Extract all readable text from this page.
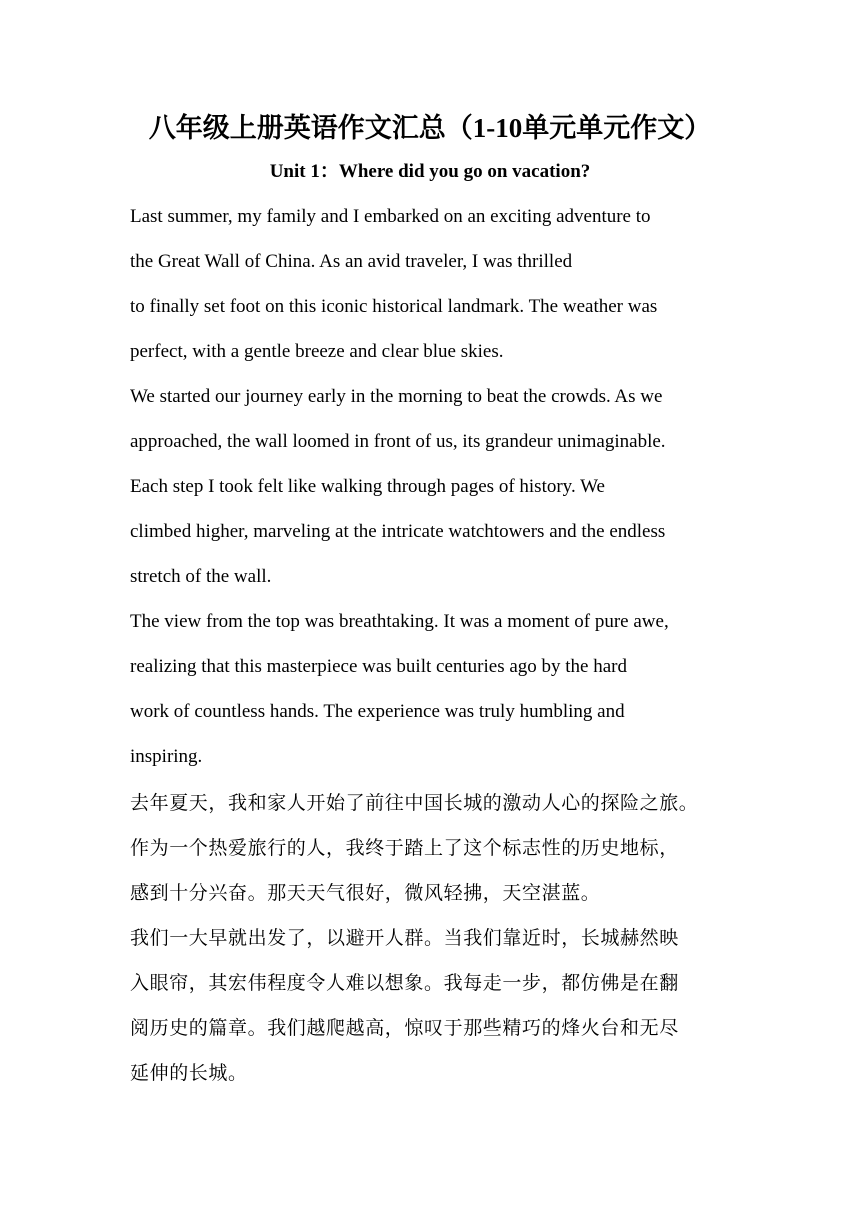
八年级上册英语作文汇总（1-10单元单元作文）
Unit 1：Where did you go on vacation?
Last summer, my family and I embarked on an exciting adventure to
the Great Wall of China. As an avid traveler, I was thrilled
to finally set foot on this iconic historical landmark. The weather was
perfect, with a gentle breeze and clear blue skies.
We started our journey early in the morning to beat the crowds. As we
approached, the wall loomed in front of us, its grandeur unimaginable.
Each step I took felt like walking through pages of history. We
climbed higher, marveling at the intricate watchtowers and the endless
stretch of the wall.
The view from the top was breathtaking. It was a moment of pure awe,
realizing that this masterpiece was built centuries ago by the hard
work of countless hands. The experience was truly humbling and
inspiring.
去年夏天，我和家人开始了前往中国长城的激动人心的探险之旅。
作为一个热爱旅行的人，我终于踏上了这个标志性的历史地标，
感到十分兴奋。那天天气很好，微风轻拂，天空湛蓝。
我们一大早就出发了，以避开人群。当我们靠近时，长城赫然映
入眼帘，其宏伟程度令人难以想象。我每走一步，都仿佛是在翻
阅历史的篇章。我们越爬越高，惊叹于那些精巧的烽火台和无尽
延伸的长城。
